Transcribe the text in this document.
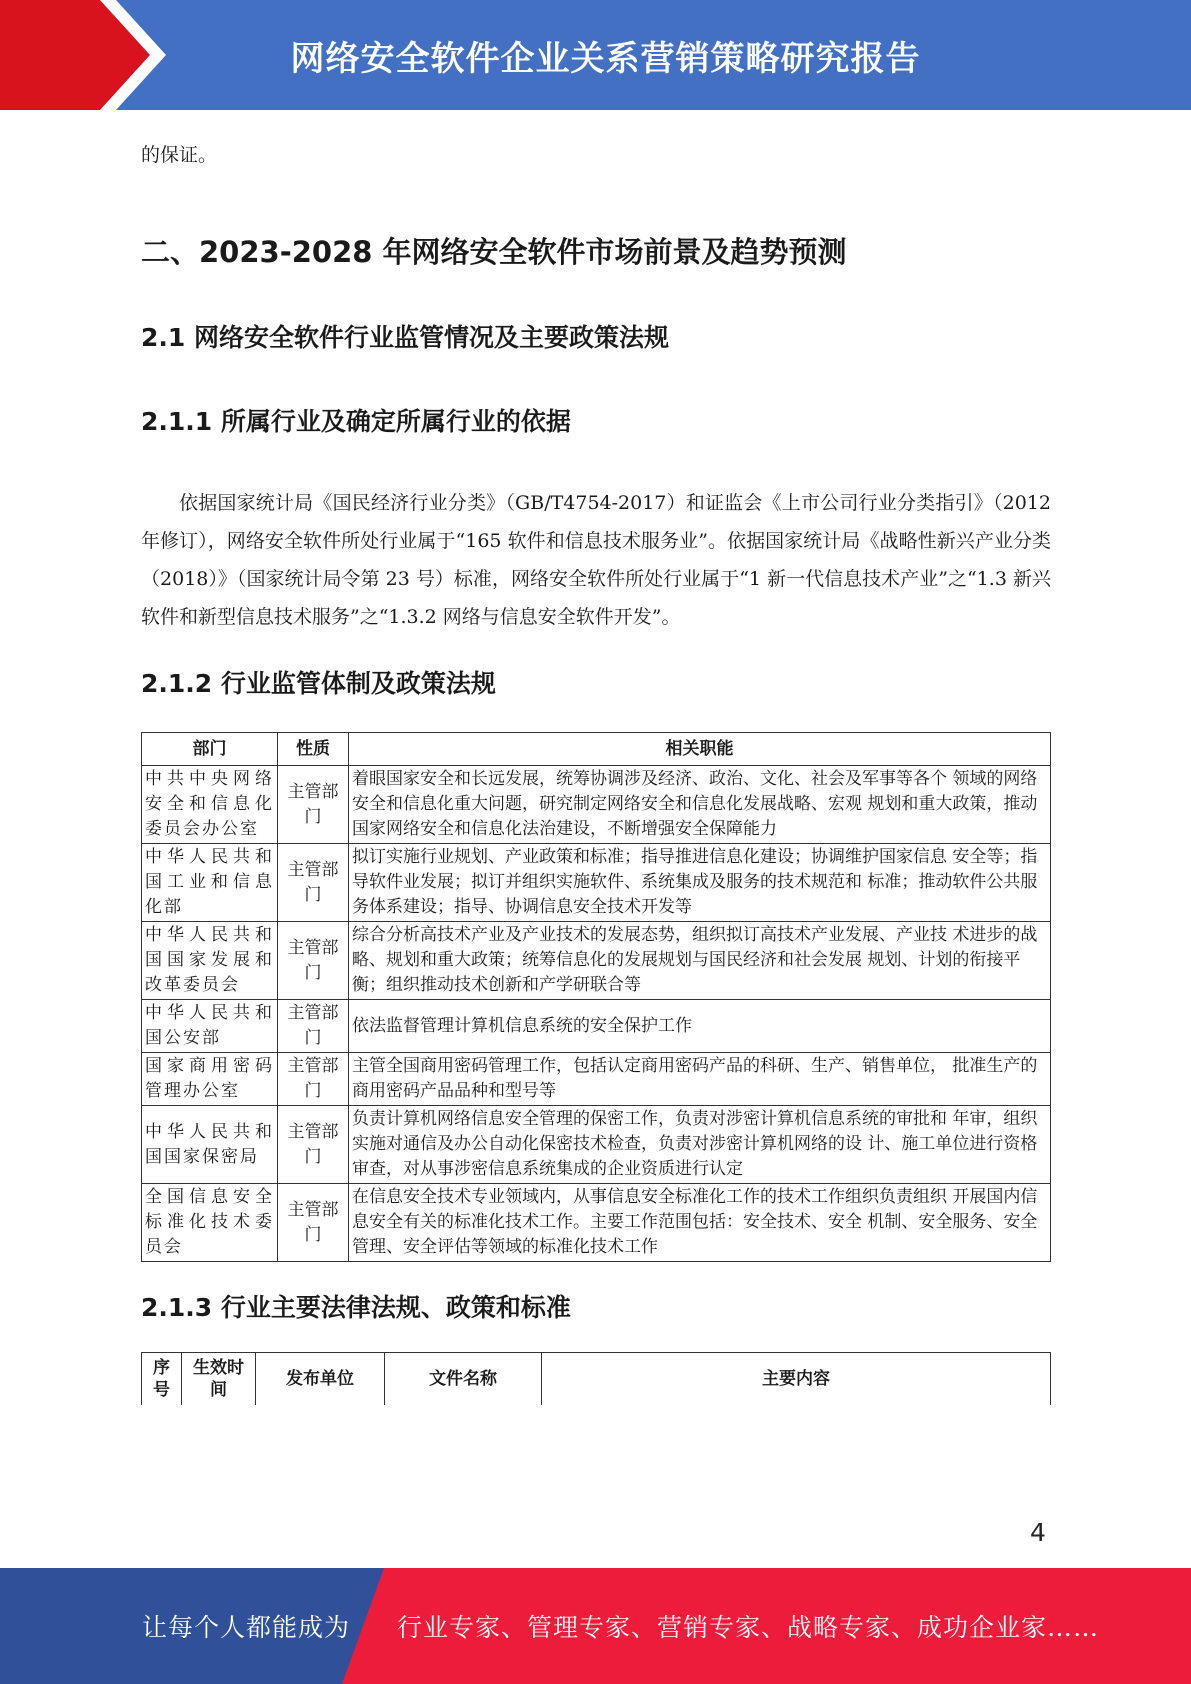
网络安全软件企业关系营销策略研究报告

的保证。

二、2023-2028 年网络安全软件市场前景及趋势预测
2.1 网络安全软件行业监管情况及主要政策法规
2.1.1 所属行业及确定所属行业的依据

依据国家统计局《国民经济行业分类》（GB/T4754-2017）和证监会《上市公司行业分类指引》（2012 年修订），网络安全软件所处行业属于“165 软件和信息技术服务业”。依据国家统计局《战略性新兴产业分类（2018）》（国家统计局令第 23 号）标准，网络安全软件所处行业属于“1 新一代信息技术产业”之“1.3 新兴软件和新型信息技术服务”之“1.3.2 网络与信息安全软件开发”。

2.1.2 行业监管体制及政策法规
部门	性质	相关职能
中共中央网络安全和信息化委员会办公室	主管部门	着眼国家安全和长远发展，统筹协调涉及经济、政治、文化、社会及军事等各个 领域的网络安全和信息化重大问题，研究制定网络安全和信息化发展战略、宏观 规划和重大政策，推动国家网络安全和信息化法治建设，不断增强安全保障能力
中华人民共和国工业和信息化部	主管部门	拟订实施行业规划、产业政策和标准；指导推进信息化建设；协调维护国家信息 安全等；指导软件业发展；拟订并组织实施软件、系统集成及服务的技术规范和 标准；推动软件公共服务体系建设；指导、协调信息安全技术开发等
中华人民共和国国家发展和改革委员会	主管部门	综合分析高技术产业及产业技术的发展态势，组织拟订高技术产业发展、产业技 术进步的战略、规划和重大政策；统筹信息化的发展规划与国民经济和社会发展 规划、计划的衔接平衡；组织推动技术创新和产学研联合等
中华人民共和国公安部	主管部门	依法监督管理计算机信息系统的安全保护工作
国家商用密码管理办公室	主管部门	主管全国商用密码管理工作，包括认定商用密码产品的科研、生产、销售单位， 批准生产的商用密码产品品种和型号等
中华人民共和国国家保密局	主管部门	负责计算机网络信息安全管理的保密工作，负责对涉密计算机信息系统的审批和 年审，组织实施对通信及办公自动化保密技术检查，负责对涉密计算机网络的设 计、施工单位进行资格审查，对从事涉密信息系统集成的企业资质进行认定
全国信息安全标准化技术委员会	主管部门	在信息安全技术专业领域内，从事信息安全标准化工作的技术工作组织负责组织 开展国内信息安全有关的标准化技术工作。主要工作范围包括：安全技术、安全 机制、安全服务、安全管理、安全评估等领域的标准化技术工作
2.1.3 行业主要法律法规、政策和标准
序号	生效时间	发布单位	文件名称	主要内容
4
让每个人都能成为 行业专家、管理专家、营销专家、战略专家、成功企业家……
